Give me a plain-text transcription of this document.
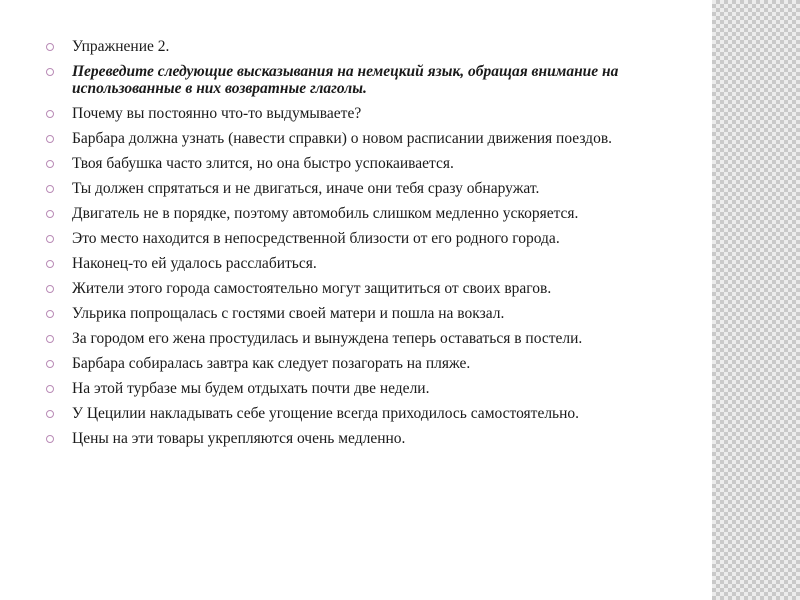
Упражнение 2.
Переведите следующие высказывания на немецкий язык, обращая внимание на использованные в них возвратные глаголы.
Почему вы постоянно что-то выдумываете?
Барбара должна узнать (навести справки) о новом расписании движения поездов.
Твоя бабушка часто злится, но она быстро успокаивается.
Ты должен спрятаться и не двигаться, иначе они тебя сразу обнаружат.
Двигатель не в порядке, поэтому автомобиль слишком медленно ускоряется.
Это место находится в непосредственной близости от его родного города.
Наконец-то ей удалось расслабиться.
Жители этого города самостоятельно могут защититься от своих врагов.
Ульрика попрощалась с гостями своей матери и пошла на вокзал.
За городом его жена простудилась и вынуждена теперь оставаться в постели.
Барбара собиралась завтра как следует позагорать на пляже.
На этой турбазе мы будем отдыхать почти две недели.
У Цецилии накладывать себе угощение всегда приходилось самостоятельно.
Цены на эти товары укрепляются очень медленно.
